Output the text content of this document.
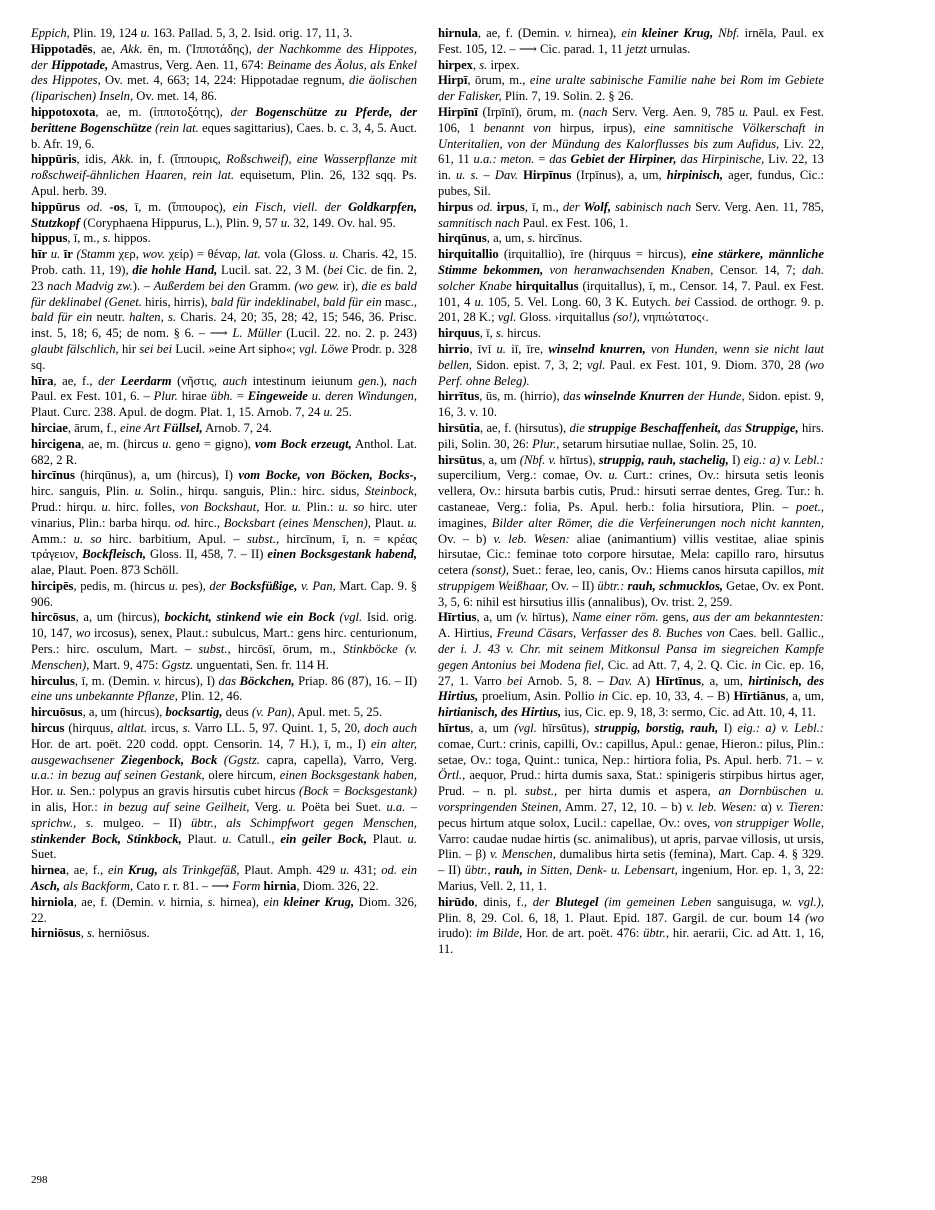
Eppich, Plin. 19, 124 u. 163. Pallad. 5, 3, 2. Isid. orig. 17, 11, 3.

Hippotadēs, ae, Akk. ēn, m. (Ἱπποτάδης), der Nachkomme des Hippotes, der Hippotade, Amastrus, Verg. Aen. 11, 674: Beiname des Äolus, als Enkel des Hippotes, Ov. met. 4, 663; 14, 224: Hippotadae regnum, die äolischen (liparischen) Inseln, Ov. met. 14, 86.

hippotoxota, ae, m. (ἱπποτοξότης), der Bogenschütze zu Pferde, der berittene Bogenschütze (rein lat. eques sagittarius), Caes. b. c. 3, 4, 5. Auct. b. Afr. 19, 6.

hippūris, idis, Akk. in, f. (ἵππουρις, Roßschweif), eine Wasserpflanze mit roßschweif-ähnlichen Haaren, rein lat. equisetum, Plin. 26, 132 sqq. Ps. Apul. herb. 39.

hippūrus od. -os, ī, m. (ἵππουρος), ein Fisch, viell. der Goldkarpfen, Stutzkopf (Coryphaena Hippurus, L.), Plin. 9, 57 u. 32, 149. Ov. hal. 95.

hippus, ī, m., s. hippos.

hīr u. īr (Stamm χερ, wov. χείρ) = θέναρ, lat. vola (Gloss. u. Charis. 42, 15. Prob. cath. 11, 19), die hohle Hand, Lucil. sat. 22, 3 M. (bei Cic. de fin. 2, 23 nach Madvig zw.). – Außerdem bei den Gramm. (wo gew. ir), die es bald für deklinabel (Genet. hiris, hirris), bald für indeklinabel, bald für ein masc., bald für ein neutr. halten, s. Charis. 24, 20; 35, 28; 42, 15; 546, 36. Prisc. inst. 5, 18; 6, 45; de nom. § 6. – ⟶ L. Müller (Lucil. 22. no. 2. p. 243) glaubt fälschlich, hir sei bei Lucil. »eine Art sipho«; vgl. Löwe Prodr. p. 328 sq.

hīra, ae, f., der Leerdarm (νῆστις, auch intestinum ieiunum gen.), nach Paul. ex Fest. 101, 6. – Plur. hirae übh. = Eingeweide u. deren Windungen, Plaut. Curc. 238. Apul. de dogm. Plat. 1, 15. Arnob. 7, 24 u. 25.

hirciae, ārum, f., eine Art Füllsel, Arnob. 7, 24.

hircigena, ae, m. (hircus u. geno = gigno), vom Bock erzeugt, Anthol. Lat. 682, 2 R.

hircīnus (hirqūnus), a, um (hircus), I) vom Bocke, von Böcken, Bocks-, hirc. sanguis, Plin. u. Solin., hirqu. sanguis, Plin.: hirc. sidus, Steinbock, Prud.: hirqu. u. hirc. folles, von Bockshaut, Hor. u. Plin.: u. so hirc. uter vinarius, Plin.: barba hirqu. od. hirc., Bocksbart (eines Menschen), Plaut. u. Amm.: u. so hirc. barbitium, Apul. – subst., hircīnum, ī, n. = κρέας τράγειον, Bockfleisch, Gloss. II, 458, 7. – II) einen Bocksgestank habend, alae, Plaut. Poen. 873 Schöll.

hircipēs, pedis, m. (hircus u. pes), der Bocksfüßige, v. Pan, Mart. Cap. 9. § 906.

hircōsus, a, um (hircus), bockicht, stinkend wie ein Bock (vgl. Isid. orig. 10, 147, wo ircosus), senex, Plaut.: subulcus, Mart.: gens hirc. centurionum, Pers.: hirc. osculum, Mart. – subst., hircōsī, ōrum, m., Stinkböcke (v. Menschen), Mart. 9, 475: Ggstz. unguentati, Sen. fr. 114 H.

hirculus, ī, m. (Demin. v. hircus), I) das Böckchen, Priap. 86 (87), 16. – II) eine uns unbekannte Pflanze, Plin. 12, 46.

hircuōsus, a, um (hircus), bocksartig, deus (v. Pan), Apul. met. 5, 25.

hircus (hirquus, altlat. ircus, s. Varro LL. 5, 97. Quint. 1, 5, 20, doch auch Hor. de art. poët. 220 codd. oppt. Censorin. 14, 7 H.), ī, m., I) ein alter, ausgewachsener Ziegenbock, Bock (Ggstz. capra, capella), Varro, Verg. u.a.: in bezug auf seinen Gestank, olere hircum, einen Bocksgestank haben, Hor. u. Sen.: polypus an gravis hirsutis cubet hircus (Bock = Bocksgestank) in alis, Hor.: in bezug auf seine Geilheit, Verg. u. Poëta bei Suet. u.a. – sprichw., s. mulgeo. – II) übtr., als Schimpfwort gegen Menschen, stinkender Bock, Stinkbock, Plaut. u. Catull., ein geiler Bock, Plaut. u. Suet.

hirnea, ae, f., ein Krug, als Trinkgefäß, Plaut. Amph. 429 u. 431; od. ein Asch, als Backform, Cato r. r. 81. – ⟶ Form hirnia, Diom. 326, 22.

hirniola, ae, f. (Demin. v. hirnia, s. hirnea), ein kleiner Krug, Diom. 326, 22.

hirniōsus, s. herniōsus.

hirnula, ae, f. (Demin. v. hirnea), ein kleiner Krug, Nbf. irnēla, Paul. ex Fest. 105, 12. – ⟶ Cic. parad. 1, 11 jetzt urnulas.

hirpex, s. irpex.

Hirpī, ōrum, m., eine uralte sabinische Familie nahe bei Rom im Gebiete der Falisker, Plin. 7, 19. Solin. 2. § 26.

Hirpīnī (Irpīnī), ōrum, m. (nach Serv. Verg. Aen. 9, 785 u. Paul. ex Fest. 106, 1 benannt von hirpus, irpus), eine samnitische Völkerschaft in Unteritalien, von der Mündung des Kalorflusses bis zum Aufidus, Liv. 22, 61, 11 u.a.: meton. = das Gebiet der Hirpiner, das Hirpinische, Liv. 22, 13 in. u. s. – Dav. Hirpīnus (Irpīnus), a, um, hirpinisch, ager, fundus, Cic.: pubes, Sil.

hirpus od. irpus, ī, m., der Wolf, sabinisch nach Serv. Verg. Aen. 11, 785, samnitisch nach Paul. ex Fest. 106, 1.

hirqūnus, a, um, s. hircīnus.

hirquitallio (irquitallio), īre (hirquus = hircus), eine stärkere, männliche Stimme bekommen, von heranwachsenden Knaben, Censor. 14, 7; dah. solcher Knabe hirquitallus (irquitallus), ī, m., Censor. 14, 7. Paul. ex Fest. 101, 4 u. 105, 5. Vel. Long. 60, 3 K. Eutych. bei Cassiod. de orthogr. 9. p. 201, 28 K.; vgl. Gloss. ›irquitallus (so!), νηπιώτατος‹.

hirquus, ī, s. hircus.

hirrio, īvī u. iī, īre, winselnd knurren, von Hunden, wenn sie nicht laut bellen, Sidon. epist. 7, 3, 2; vgl. Paul. ex Fest. 101, 9. Diom. 370, 28 (wo Perf. ohne Beleg).

hirrītus, ūs, m. (hirrio), das winselnde Knurren der Hunde, Sidon. epist. 9, 16, 3. v. 10.

hirsūtia, ae, f. (hirsutus), die struppige Beschaffenheit, das Struppige, hirs. pili, Solin. 30, 26: Plur., setarum hirsutiae nullae, Solin. 25, 10.

hirsūtus, a, um (Nbf. v. hīrtus), struppig, rauh, stachelig, I) eig.: a) v. Lebl.: supercilium, Verg.: comae, Ov. u. Curt.: crines, Ov.: hirsuta setis leonis vellera, Ov.: hirsuta barbis cutis, Prud.: hirsuti serrae dentes, Greg. Tur.: h. castaneae, Verg.: folia, Ps. Apul. herb.: folia hirsutiora, Plin. – poet., imagines, Bilder alter Römer, die die Verfeinerungen noch nicht kannten, Ov. – b) v. leb. Wesen: aliae (animantium) villis vestitae, aliae spinis hirsutae, Cic.: feminae toto corpore hirsutae, Mela: capillo raro, hirsutus cetera (sonst), Suet.: ferae, leo, canis, Ov.: Hiems canos hirsuta capillos, mit struppigem Weißhaar, Ov. – II) übtr.: rauh, schmucklos, Getae, Ov. ex Pont. 3, 5, 6: nihil est hirsutius illis (annalibus), Ov. trist. 2, 259.

Hīrtius, a, um (v. hīrtus), Name einer röm. gens, aus der am bekanntesten: A. Hirtius, Freund Cäsars, Verfasser des 8. Buches von Caes. bell. Gallic., der i. J. 43 v. Chr. mit seinem Mitkonsul Pansa im siegreichen Kampfe gegen Antonius bei Modena fiel, Cic. ad Att. 7, 4, 2. Q. Cic. in Cic. ep. 16, 27, 1. Varro bei Arnob. 5, 8. – Dav. A) Hīrtīnus, a, um, hirtinisch, des Hirtius, proelium, Asin. Pollio in Cic. ep. 10, 33, 4. – B) Hīrtiānus, a, um, hirtianisch, des Hirtius, ius, Cic. ep. 9, 18, 3: sermo, Cic. ad Att. 10, 4, 11.

hīrtus, a, um (vgl. hīrsūtus), struppig, borstig, rauh, I) eig.: a) v. Lebl.: comae, Curt.: crinis, capilli, Ov.: capillus, Apul.: genae, Hieron.: pilus, Plin.: setae, Ov.: toga, Quint.: tunica, Nep.: hirtiora folia, Ps. Apul. herb. 71. – v. Örtl., aequor, Prud.: hirta dumis saxa, Stat.: spinigeris stirpibus hirtus ager, Prud. – n. pl. subst., per hirta dumis et aspera, an Dornbüschen u. vorspringenden Steinen, Amm. 27, 12, 10. – b) v. leb. Wesen: α) v. Tieren: pecus hirtum atque solox, Lucil.: capellae, Ov.: oves, von struppiger Wolle, Varro: caudae nudae hirtis (sc. animalibus), ut apris, parvae villosis, ut ursis, Plin. – β) v. Menschen, dumalibus hirta setis (femina), Mart. Cap. 4. § 329. – II) übtr., rauh, in Sitten, Denk- u. Lebensart, ingenium, Hor. ep. 1, 3, 22: Marius, Vell. 2, 11, 1.

hirūdo, dinis, f., der Blutegel (im gemeinen Leben sanguisuga, w. vgl.), Plin. 8, 29. Col. 6, 18, 1. Plaut. Epid. 187. Gargil. de cur. boum 14 (wo irudo): im Bilde, Hor. de art. poët. 476: übtr., hir. aerarii, Cic. ad Att. 1, 16, 11.

298
